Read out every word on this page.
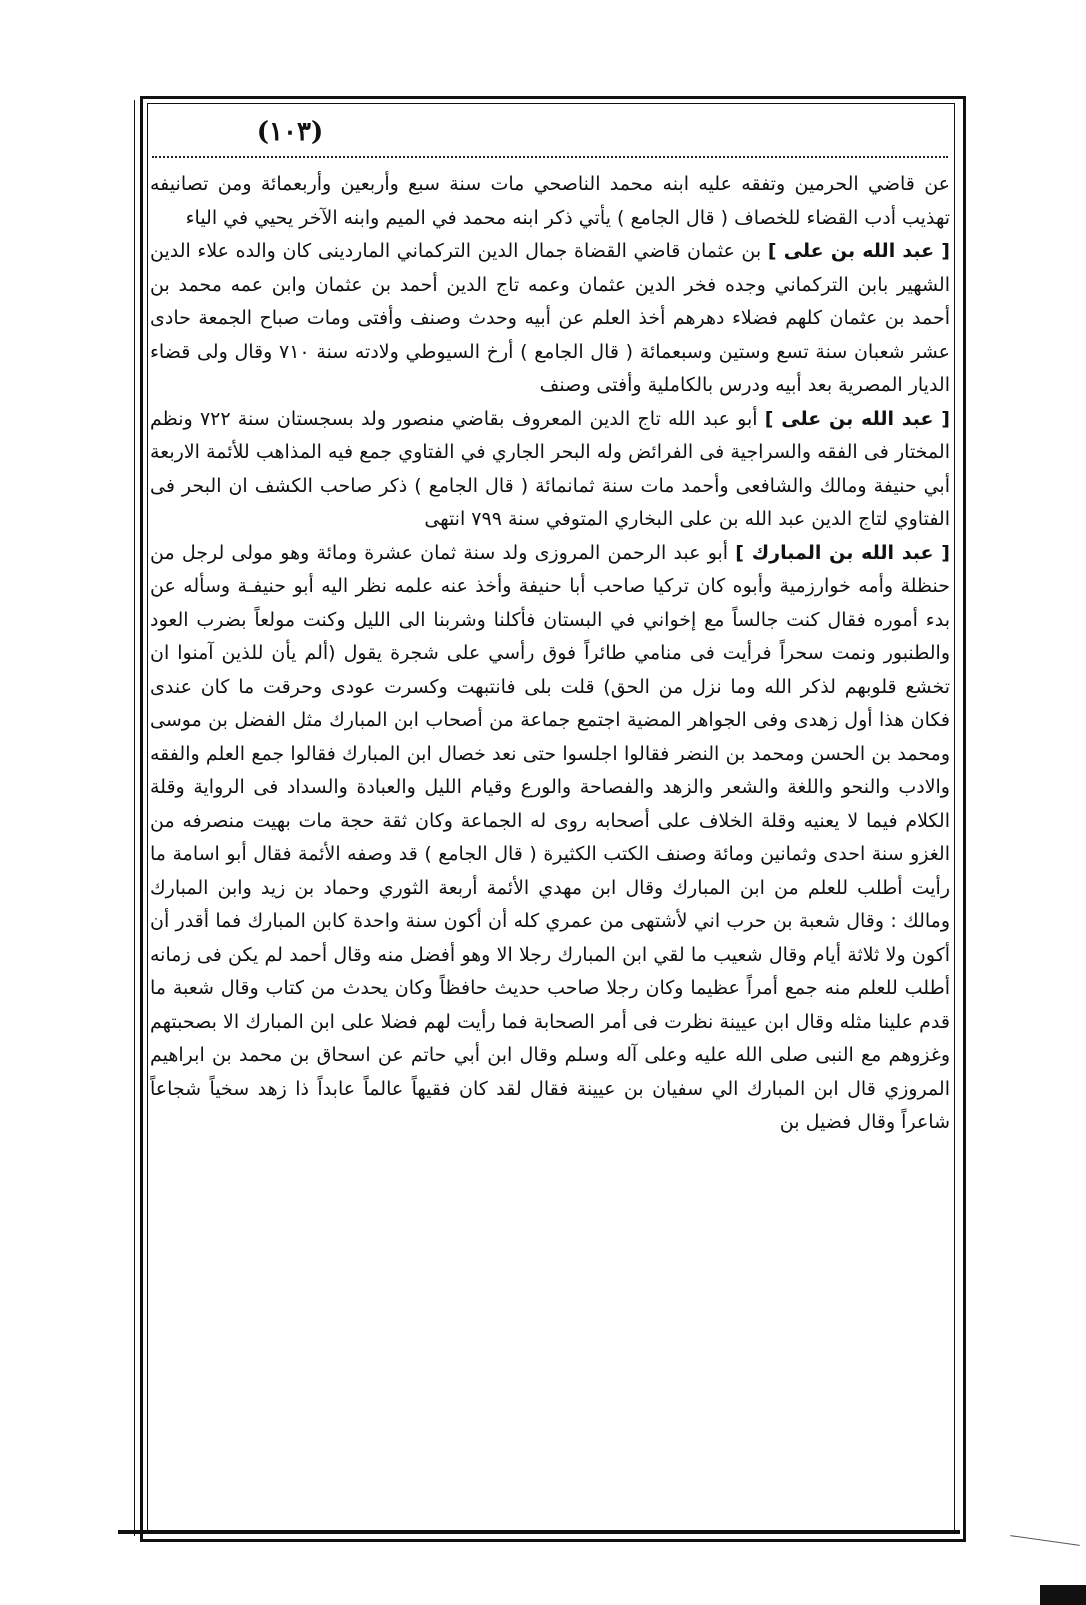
(۱۰۳)

عن قاضي الحرمين وتفقه عليه ابنه محمد الناصحي مات سنة سبع وأربعين وأربعمائة ومن تصانيفه تهذيب أدب القضاء للخصاف ( قال الجامع ) يأتي ذكر ابنه محمد في الميم وابنه الآخر يحيي في الياء

[ عبد الله بن على ] بن عثمان قاضي القضاة جمال الدين التركماني الماردينى كان والده علاء الدين الشهير بابن التركماني وجده فخر الدين عثمان وعمه تاج الدين أحمد بن عثمان وابن عمه محمد بن أحمد بن عثمان كلهم فضلاء دهرهم أخذ العلم عن أبيه وحدث وصنف وأفتى ومات صباح الجمعة حادى عشر شعبان سنة تسع وستين وسبعمائة ( قال الجامع ) أرخ السيوطي ولادته سنة ٧١٠ وقال ولى قضاء الديار المصرية بعد أبيه ودرس بالكاملية وأفتى وصنف

[ عبد الله بن على ] أبو عبد الله تاج الدين المعروف بقاضي منصور ولد بسجستان سنة ٧٢٢ ونظم المختار فى الفقه والسراجية فى الفرائض وله البحر الجاري في الفتاوي جمع فيه المذاهب للأئمة الاربعة أبي حنيفة ومالك والشافعى وأحمد مات سنة ثمانمائة ( قال الجامع ) ذكر صاحب الكشف ان البحر فى الفتاوي لتاج الدين عبد الله بن على البخاري المتوفي سنة ٧٩٩ انتهى

[ عبد الله بن المبارك ] أبو عبد الرحمن المروزى ولد سنة ثمان عشرة ومائة وهو مولى لرجل من حنظلة وأمه خوارزمية وأبوه كان تركيا صاحب أبا حنيفة وأخذ عنه علمه نظر اليه أبو حنيفـة وسأله عن بدء أموره فقال كنت جالساً مع إخواني في البستان فأكلنا وشربنا الى الليل وكنت مولعاً بضرب العود والطنبور ونمت سحراً فرأيت فى منامي طائراً فوق رأسي على شجرة يقول (ألم يأن للذين آمنوا ان تخشع قلوبهم لذكر الله وما نزل من الحق) قلت بلى فانتبهت وكسرت عودى وحرقت ما كان عندى فكان هذا أول زهدى وفى الجواهر المضية اجتمع جماعة من أصحاب ابن المبارك مثل الفضل بن موسى ومحمد بن الحسن ومحمد بن النضر فقالوا اجلسوا حتى نعد خصال ابن المبارك فقالوا جمع العلم والفقه والادب والنحو واللغة والشعر والزهد والفصاحة والورع وقيام الليل والعبادة والسداد فى الرواية وقلة الكلام فيما لا يعنيه وقلة الخلاف على أصحابه روى له الجماعة وكان ثقة حجة مات بهيت منصرفه من الغزو سنة احدى وثمانين ومائة وصنف الكتب الكثيرة ( قال الجامع ) قد وصفه الأئمة فقال أبو اسامة ما رأيت أطلب للعلم من ابن المبارك وقال ابن مهدي الأئمة أربعة الثوري وحماد بن زيد وابن المبارك ومالك : وقال شعبة بن حرب اني لأشتهى من عمري كله أن أكون سنة واحدة كابن المبارك فما أقدر أن أكون ولا ثلاثة أيام وقال شعيب ما لقي ابن المبارك رجلا الا وهو أفضل منه وقال أحمد لم يكن فى زمانه أطلب للعلم منه جمع أمراً عظيما وكان رجلا صاحب حديث حافظاً وكان يحدث من كتاب وقال شعبة ما قدم علينا مثله وقال ابن عيينة نظرت فى أمر الصحابة فما رأيت لهم فضلا على ابن المبارك الا بصحبتهم وغزوهم مع النبى صلى الله عليه وعلى آله وسلم وقال ابن أبي حاتم عن اسحاق بن محمد بن ابراهيم المروزي قال ابن المبارك الي سفيان بن عيينة فقال لقد كان فقيهاً عالماً عابداً ذا زهد سخياً شجاعاً شاعراً وقال فضيل بن
